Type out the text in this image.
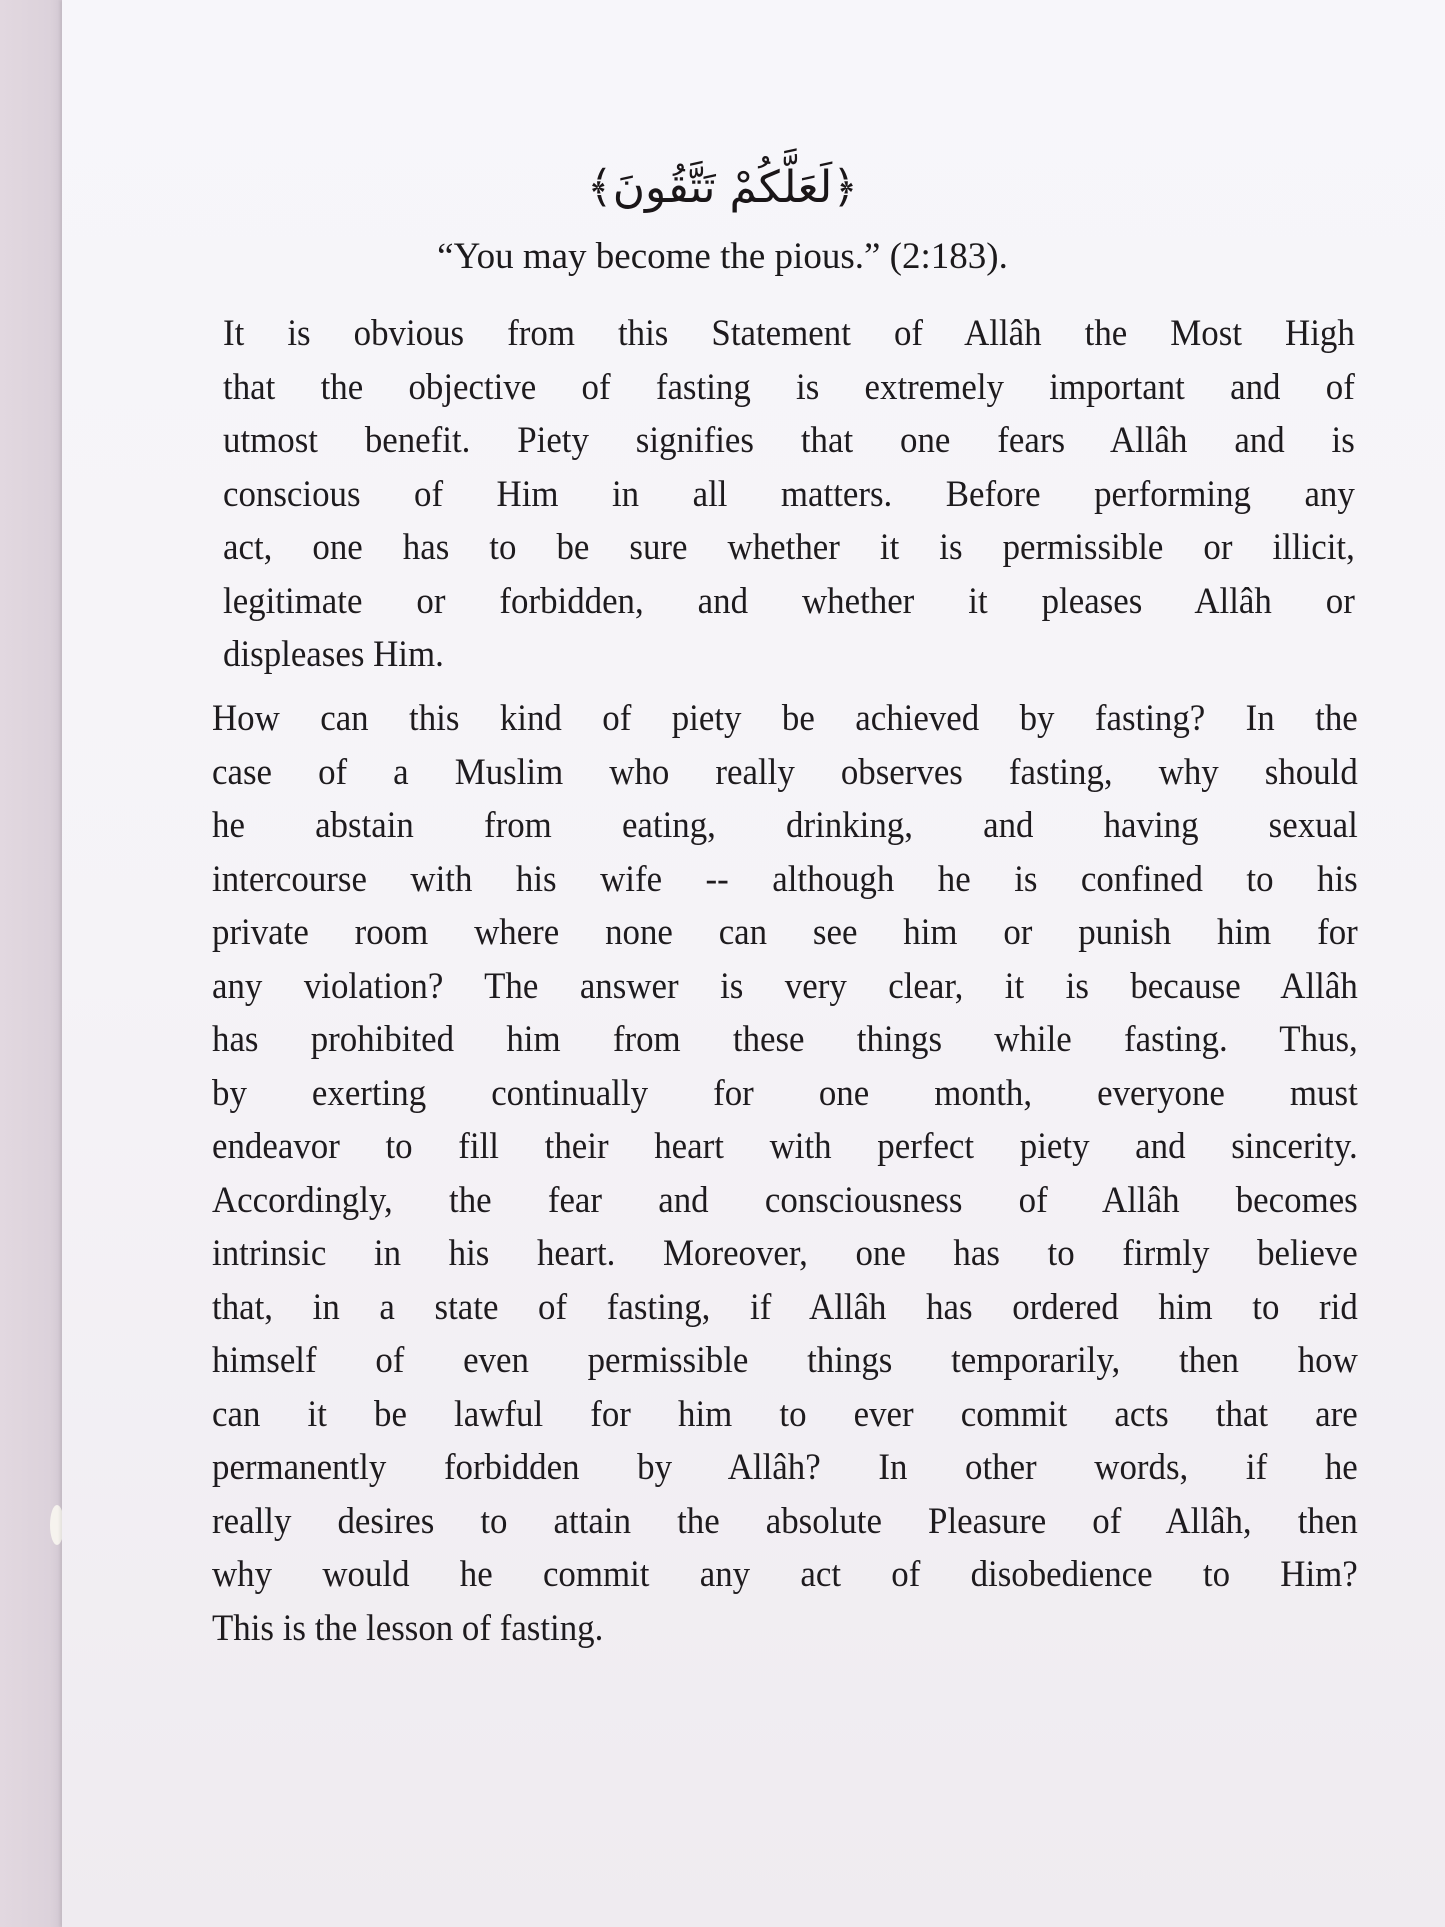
﴿لَعَلَّكُمْ تَتَّقُونَ﴾
“You may become the pious.” (2:183).
It is obvious from this Statement of Allâh the Most High
that the objective of fasting is extremely important and of
utmost benefit. Piety signifies that one fears Allâh and is
conscious of Him in all matters. Before performing any
act, one has to be sure whether it is permissible or illicit,
legitimate or forbidden, and whether it pleases Allâh or
displeases Him.
How can this kind of piety be achieved by fasting? In the
case of a Muslim who really observes fasting, why should
he abstain from eating, drinking, and having sexual
intercourse with his wife -- although he is confined to his
private room where none can see him or punish him for
any violation? The answer is very clear, it is because Allâh
has prohibited him from these things while fasting. Thus,
by exerting continually for one month, everyone must
endeavor to fill their heart with perfect piety and sincerity.
Accordingly, the fear and consciousness of Allâh becomes
intrinsic in his heart. Moreover, one has to firmly believe
that, in a state of fasting, if Allâh has ordered him to rid
himself of even permissible things temporarily, then how
can it be lawful for him to ever commit acts that are
permanently forbidden by Allâh? In other words, if he
really desires to attain the absolute Pleasure of Allâh, then
why would he commit any act of disobedience to Him?
This is the lesson of fasting.
